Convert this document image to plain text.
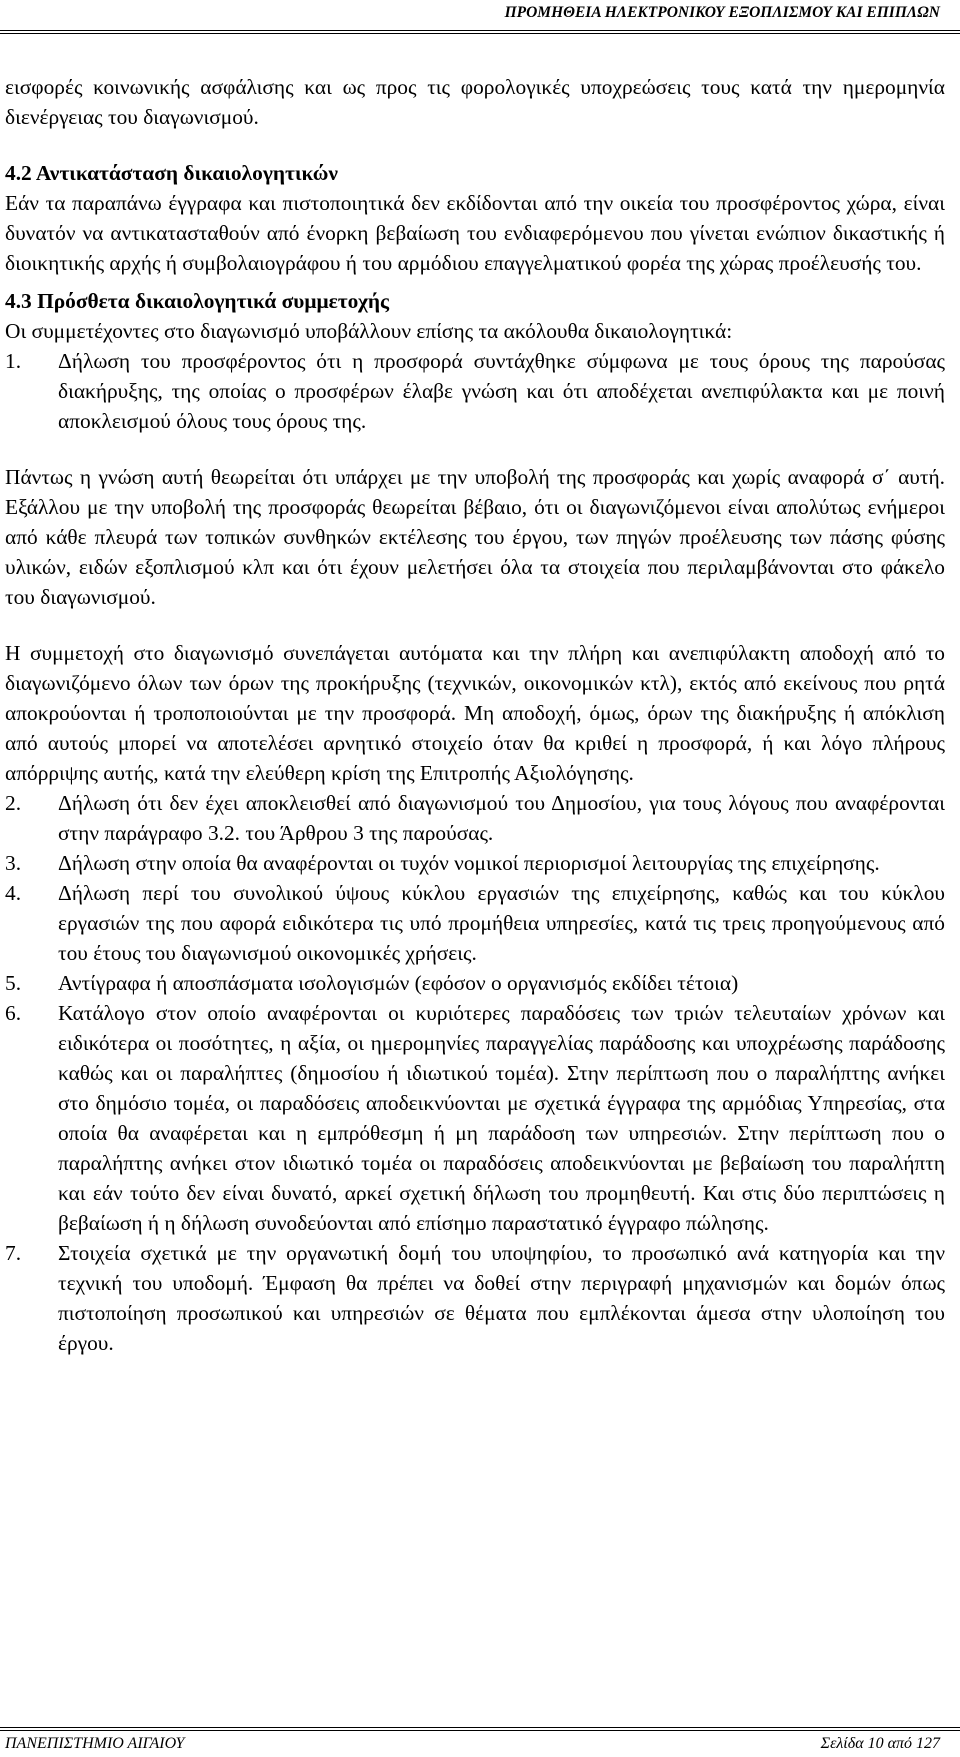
ΠΡΟΜΗΘΕΙΑ ΗΛΕΚΤΡΟΝΙΚΟΥ ΕΞΟΠΛΙΣΜΟΥ ΚΑΙ ΕΠΙΠΛΩΝ

εισφορές κοινωνικής ασφάλισης και ως προς τις φορολογικές υποχρεώσεις τους κατά την ημερομηνία διενέργειας του διαγωνισμού.

4.2 Αντικατάσταση δικαιολογητικών

Εάν τα παραπάνω έγγραφα και πιστοποιητικά δεν εκδίδονται από την οικεία του προσφέροντος χώρα, είναι δυνατόν να αντικατασταθούν από ένορκη βεβαίωση του ενδιαφερόμενου που γίνεται ενώπιον δικαστικής ή διοικητικής αρχής ή συμβολαιογράφου ή του αρμόδιου επαγγελματικού φορέα της χώρας προέλευσής του.

4.3 Πρόσθετα δικαιολογητικά συμμετοχής

Οι συμμετέχοντες στο διαγωνισμό υποβάλλουν επίσης τα ακόλουθα δικαιολογητικά:

1.	Δήλωση του προσφέροντος ότι η προσφορά συντάχθηκε σύμφωνα με τους όρους της παρούσας διακήρυξης, της οποίας ο προσφέρων έλαβε γνώση και ότι αποδέχεται ανεπιφύλακτα και με ποινή αποκλεισμού όλους τους όρους της.

Πάντως η γνώση αυτή θεωρείται ότι υπάρχει με την υποβολή της προσφοράς και χωρίς αναφορά σ΄ αυτή. Εξάλλου με την υποβολή της προσφοράς θεωρείται βέβαιο, ότι οι διαγωνιζόμενοι είναι απολύτως ενήμεροι από κάθε πλευρά των τοπικών συνθηκών εκτέλεσης του έργου, των πηγών προέλευσης των πάσης φύσης υλικών, ειδών εξοπλισμού κλπ και ότι έχουν μελετήσει όλα τα στοιχεία που περιλαμβάνονται στο φάκελο του διαγωνισμού.

Η συμμετοχή στο διαγωνισμό συνεπάγεται αυτόματα και την πλήρη και ανεπιφύλακτη αποδοχή από το διαγωνιζόμενο όλων των όρων της προκήρυξης (τεχνικών, οικονομικών κτλ), εκτός από εκείνους που ρητά αποκρούονται ή τροποποιούνται με την προσφορά. Μη αποδοχή, όμως, όρων της διακήρυξης ή απόκλιση από αυτούς μπορεί να αποτελέσει αρνητικό στοιχείο όταν θα κριθεί η προσφορά, ή και λόγο πλήρους απόρριψης αυτής, κατά την ελεύθερη κρίση της Επιτροπής Αξιολόγησης.

2.	Δήλωση ότι δεν έχει αποκλεισθεί από διαγωνισμού του Δημοσίου, για τους λόγους που αναφέρονται στην παράγραφο 3.2. του Άρθρου 3 της παρούσας.
3.	Δήλωση στην οποία θα αναφέρονται οι τυχόν νομικοί περιορισμοί λειτουργίας της επιχείρησης.
4.	Δήλωση περί του συνολικού ύψους κύκλου εργασιών της επιχείρησης, καθώς και του κύκλου εργασιών της που αφορά ειδικότερα τις υπό προμήθεια υπηρεσίες, κατά τις τρεις προηγούμενους από του έτους του διαγωνισμού οικονομικές χρήσεις.
5.	Αντίγραφα ή αποσπάσματα ισολογισμών (εφόσον ο οργανισμός εκδίδει τέτοια)
6.	Κατάλογο στον οποίο αναφέρονται οι κυριότερες παραδόσεις των τριών τελευταίων χρόνων και ειδικότερα οι ποσότητες, η αξία, οι ημερομηνίες παραγγελίας παράδοσης και υποχρέωσης παράδοσης καθώς και οι παραλήπτες (δημοσίου ή ιδιωτικού τομέα). Στην περίπτωση που ο παραλήπτης ανήκει στο δημόσιο τομέα, οι παραδόσεις αποδεικνύονται με σχετικά έγγραφα της αρμόδιας Υπηρεσίας, στα οποία θα αναφέρεται και η εμπρόθεσμη ή μη παράδοση των υπηρεσιών. Στην περίπτωση που ο παραλήπτης ανήκει στον ιδιωτικό τομέα οι παραδόσεις αποδεικνύονται με βεβαίωση του παραλήπτη και εάν τούτο δεν είναι δυνατό, αρκεί σχετική δήλωση του προμηθευτή. Και στις δύο περιπτώσεις η βεβαίωση ή η δήλωση συνοδεύονται από επίσημο παραστατικό έγγραφο πώλησης.
7.	Στοιχεία σχετικά με την οργανωτική δομή του υποψηφίου, το προσωπικό ανά κατηγορία και την τεχνική του υποδομή. Έμφαση θα πρέπει να δοθεί στην περιγραφή μηχανισμών και δομών όπως πιστοποίηση προσωπικού και υπηρεσιών σε θέματα που εμπλέκονται άμεσα στην υλοποίηση του έργου.
ΠΑΝΕΠΙΣΤΗΜΙΟ ΑΙΓΑΙΟΥ	Σελίδα 10 από 127
